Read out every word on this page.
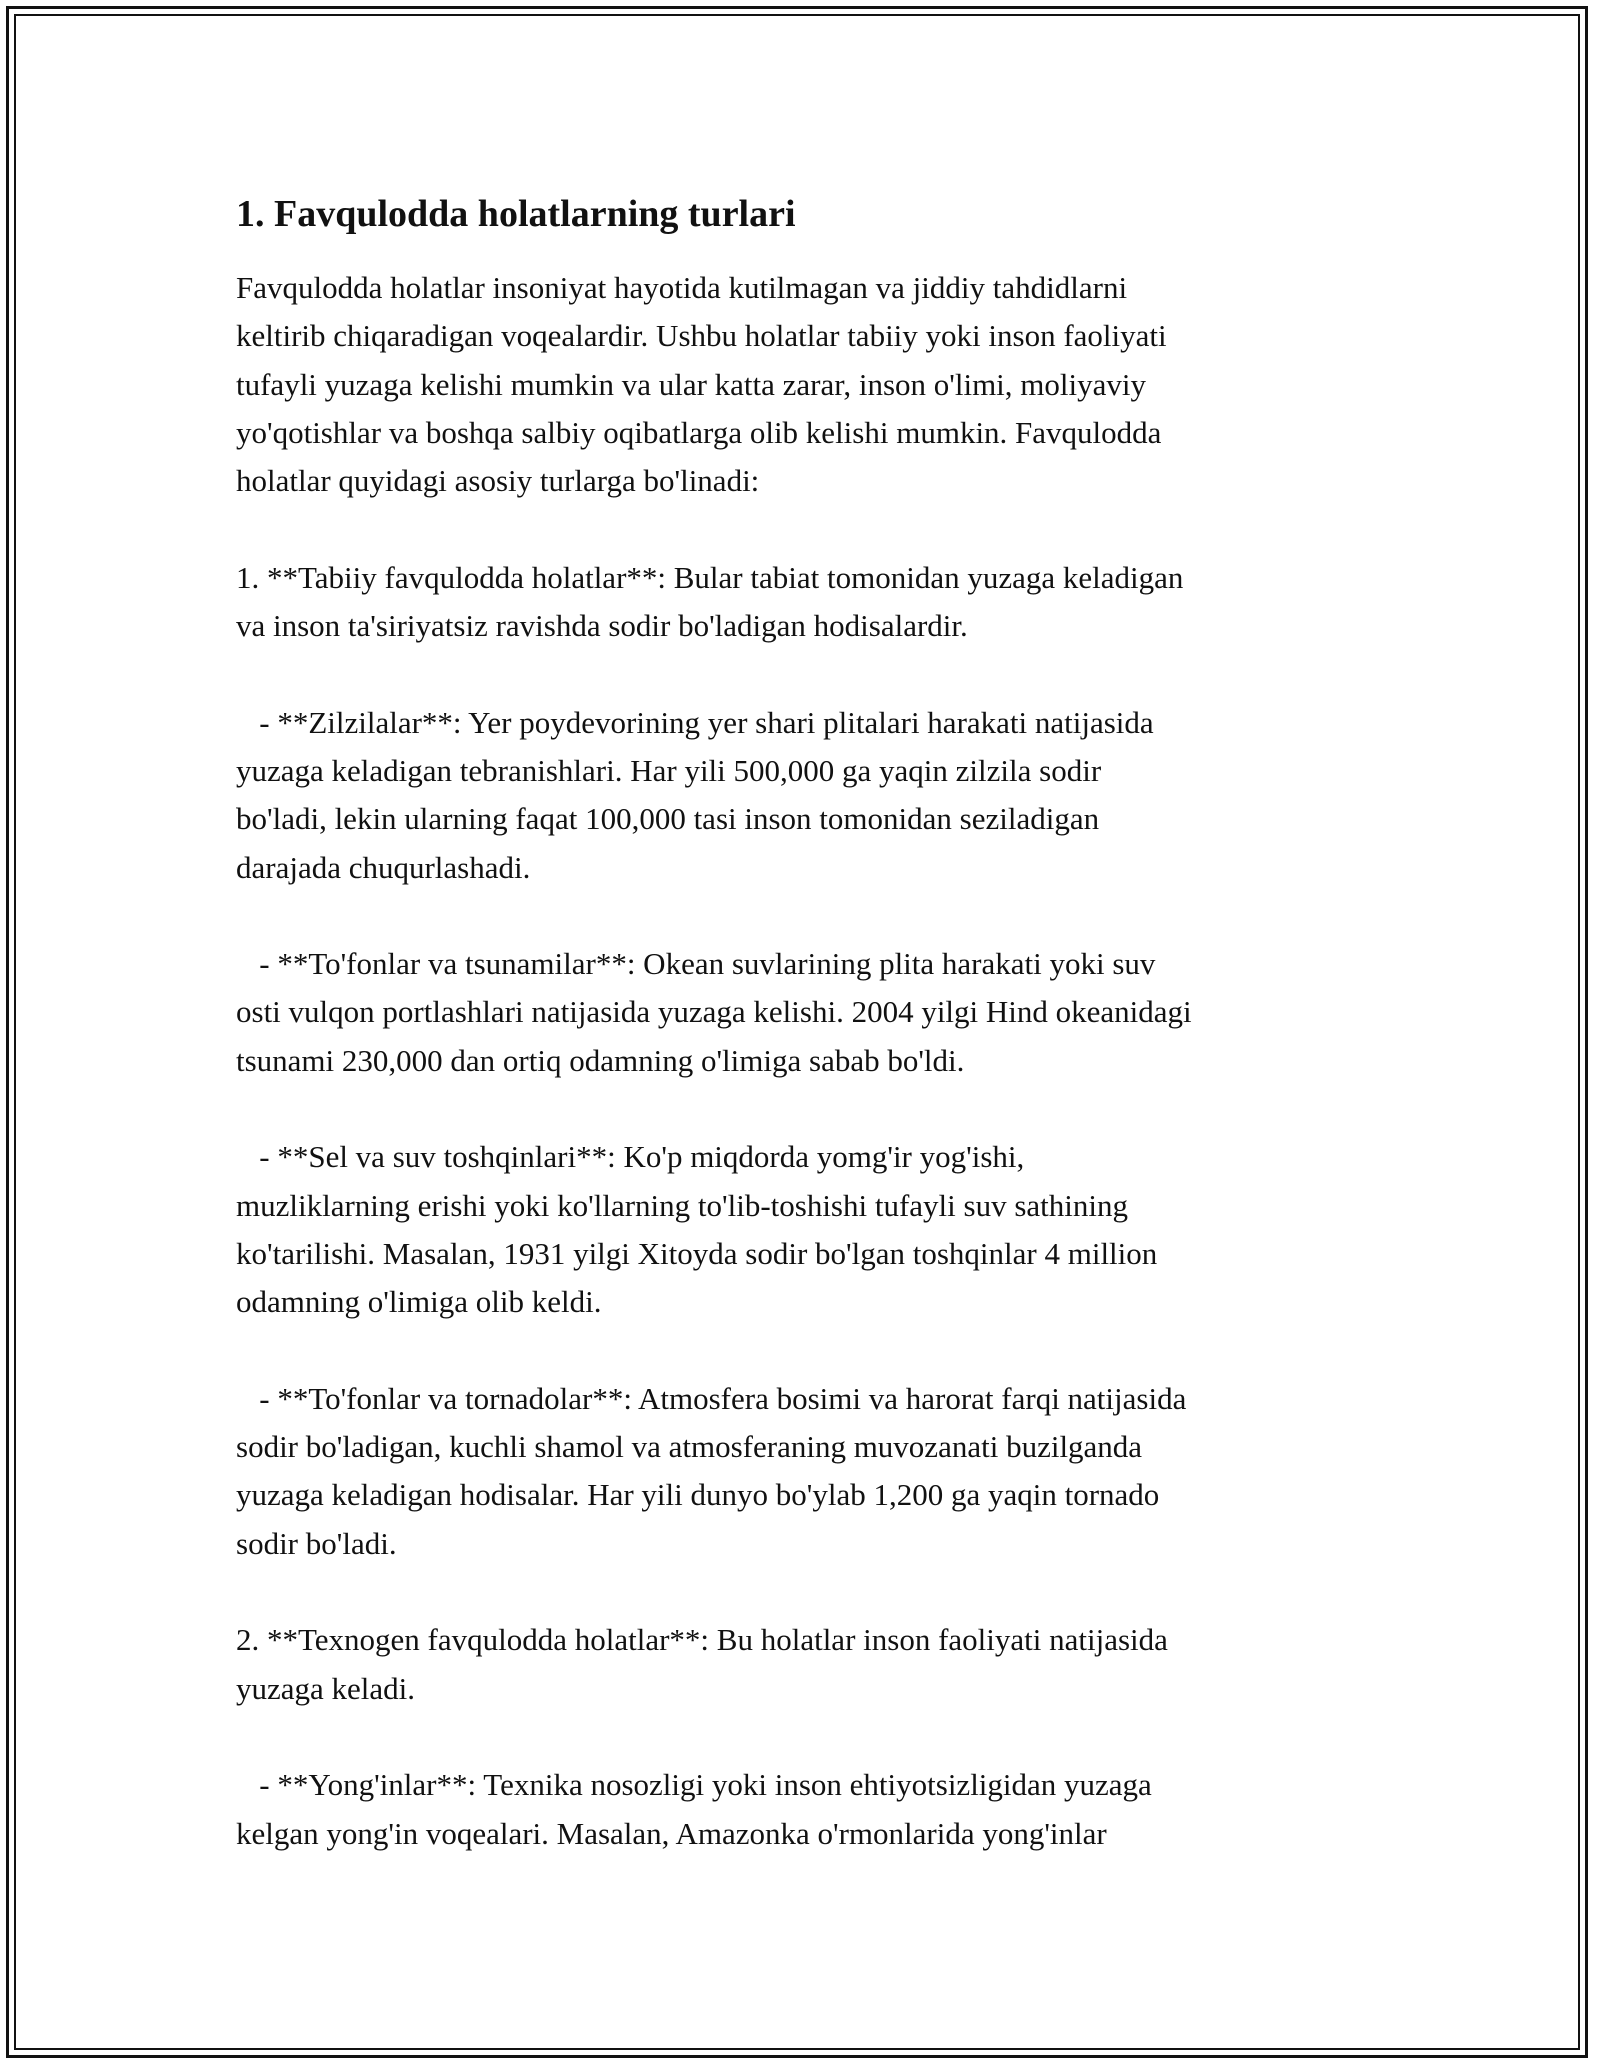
1. Favqulodda holatlarning turlari
Favqulodda holatlar insoniyat hayotida kutilmagan va jiddiy tahdidlarni
keltirib chiqaradigan voqealardir. Ushbu holatlar tabiiy yoki inson faoliyati
tufayli yuzaga kelishi mumkin va ular katta zarar, inson o'limi, moliyaviy
yo'qotishlar va boshqa salbiy oqibatlarga olib kelishi mumkin. Favqulodda
holatlar quyidagi asosiy turlarga bo'linadi:
1. **Tabiiy favqulodda holatlar**: Bular tabiat tomonidan yuzaga keladigan
va inson ta'siriyatsiz ravishda sodir bo'ladigan hodisalardir.
- **Zilzilalar**: Yer poydevorining yer shari plitalari harakati natijasida
yuzaga keladigan tebranishlari. Har yili 500,000 ga yaqin zilzila sodir
bo'ladi, lekin ularning faqat 100,000 tasi inson tomonidan seziladigan
darajada chuqurlashadi.
- **To'fonlar va tsunamilar**: Okean suvlarining plita harakati yoki suv
osti vulqon portlashlari natijasida yuzaga kelishi. 2004 yilgi Hind okeanidagi
tsunami 230,000 dan ortiq odamning o'limiga sabab bo'ldi.
- **Sel va suv toshqinlari**: Ko'p miqdorda yomg'ir yog'ishi,
muzliklarning erishi yoki ko'llarning to'lib-toshishi tufayli suv sathining
ko'tarilishi. Masalan, 1931 yilgi Xitoyda sodir bo'lgan toshqinlar 4 million
odamning o'limiga olib keldi.
- **To'fonlar va tornadolar**: Atmosfera bosimi va harorat farqi natijasida
sodir bo'ladigan, kuchli shamol va atmosferaning muvozanati buzilganda
yuzaga keladigan hodisalar. Har yili dunyo bo'ylab 1,200 ga yaqin tornado
sodir bo'ladi.
2. **Texnogen favqulodda holatlar**: Bu holatlar inson faoliyati natijasida
yuzaga keladi.
- **Yong'inlar**: Texnika nosozligi yoki inson ehtiyotsizligidan yuzaga
kelgan yong'in voqealari. Masalan, Amazonka o'rmonlarida yong'inlar
